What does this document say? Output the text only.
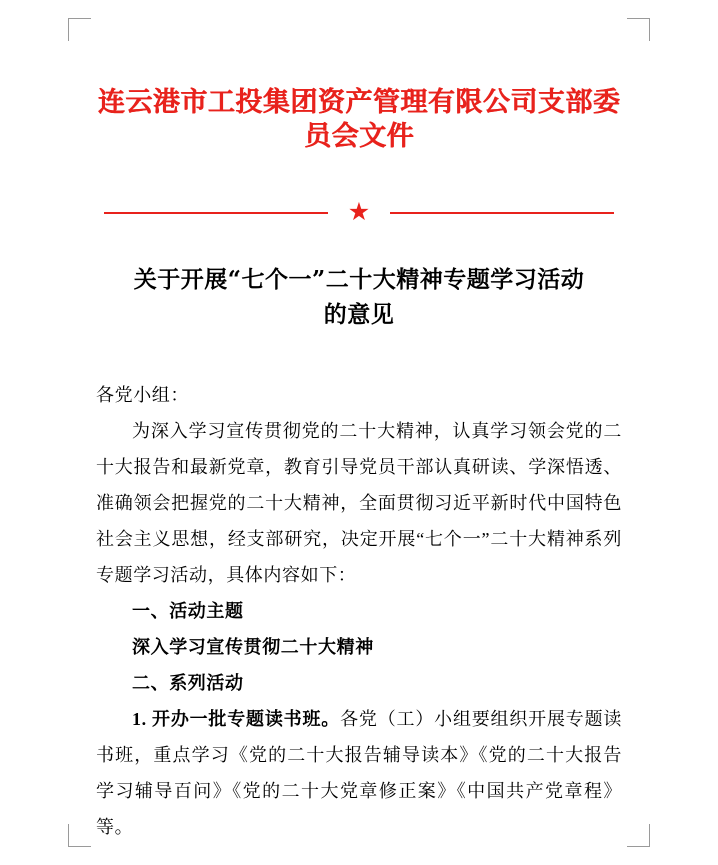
连云港市工投集团资产管理有限公司支部委员会文件
★
关于开展“七个一”二十大精神专题学习活动
的意见
各党小组：
为深入学习宣传贯彻党的二十大精神，认真学习领会党的二十大报告和最新党章，教育引导党员干部认真研读、学深悟透、准确领会把握党的二十大精神，全面贯彻习近平新时代中国特色社会主义思想，经支部研究，决定开展“七个一”二十大精神系列专题学习活动，具体内容如下：
一、活动主题
深入学习宣传贯彻二十大精神
二、系列活动
1. 开办一批专题读书班。各党（工）小组要组织开展专题读书班，重点学习《党的二十大报告辅导读本》《党的二十大报告学习辅导百问》《党的二十大党章修正案》《中国共产党章程》等。
